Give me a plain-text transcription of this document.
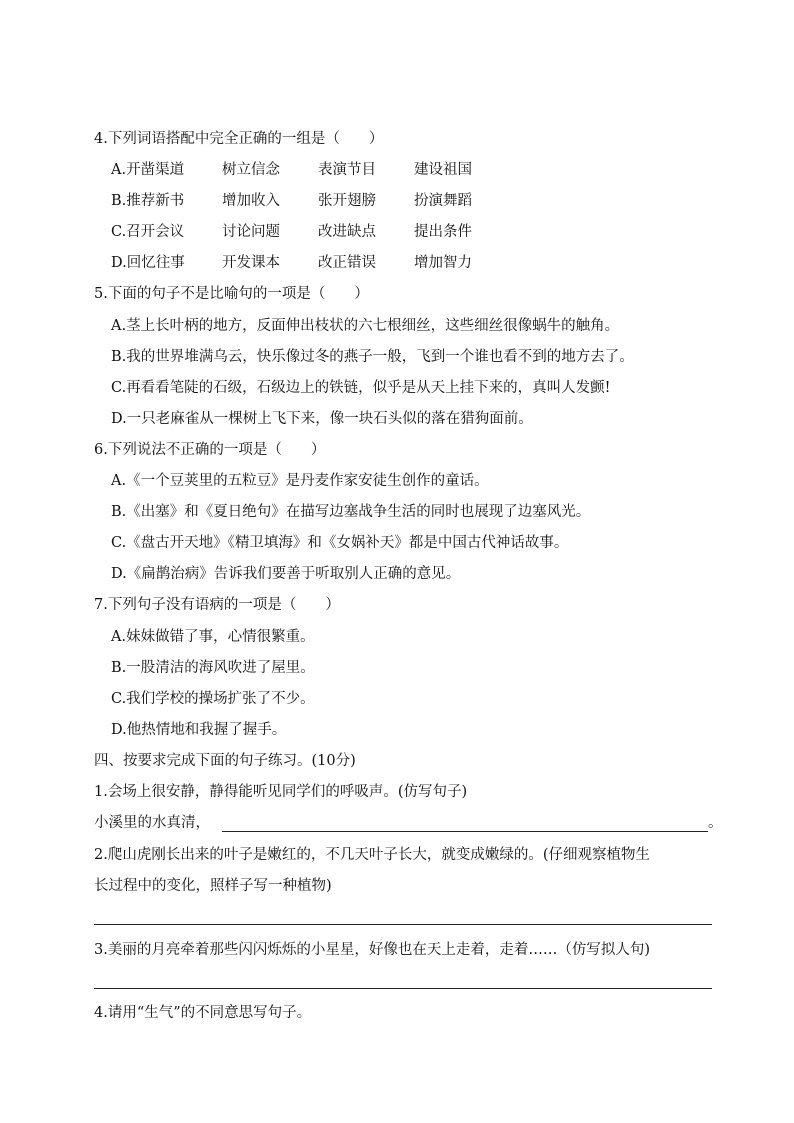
4.下列词语搭配中完全正确的一组是（　　）
A.开凿渠道	树立信念	表演节目	建设祖国
B.推荐新书	增加收入	张开翅膀	扮演舞蹈
C.召开会议	讨论问题	改进缺点	提出条件
D.回忆往事	开发课本	改正错误	增加智力
5.下面的句子不是比喻句的一项是（　　）
A.茎上长叶柄的地方，反面伸出枝状的六七根细丝，这些细丝很像蜗牛的触角。
B.我的世界堆满乌云，快乐像过冬的燕子一般，飞到一个谁也看不到的地方去了。
C.再看看笔陡的石级，石级边上的铁链，似乎是从天上挂下来的，真叫人发颤!
D.一只老麻雀从一棵树上飞下来，像一块石头似的落在猎狗面前。
6.下列说法不正确的一项是（　　）
A.《一个豆荚里的五粒豆》是丹麦作家安徒生创作的童话。
B.《出塞》和《夏日绝句》在描写边塞战争生活的同时也展现了边塞风光。
C.《盘古开天地》《精卫填海》和《女娲补天》都是中国古代神话故事。
D.《扁鹊治病》告诉我们要善于听取别人正确的意见。
7.下列句子没有语病的一项是（　　）
A.妹妹做错了事，心情很繁重。
B.一股清洁的海风吹进了屋里。
C.我们学校的操场扩张了不少。
D.他热情地和我握了握手。
四、按要求完成下面的句子练习。(10分)
1.会场上很安静，静得能听见同学们的呼吸声。(仿写句子)
小溪里的水真清，	。
2.爬山虎刚长出来的叶子是嫩红的，不几天叶子长大，就变成嫩绿的。(仔细观察植物生
长过程中的变化，照样子写一种植物)
3.美丽的月亮牵着那些闪闪烁烁的小星星，好像也在天上走着，走着……（仿写拟人句)
4.请用“生气”的不同意思写句子。
